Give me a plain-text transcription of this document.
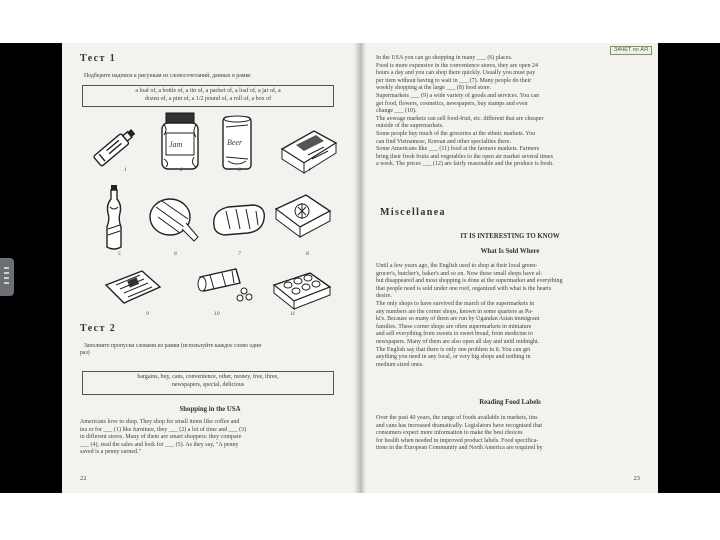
Тест 1
Подберите надписи к рисункам из словосочетаний, данных в рамке
a loaf of, a bottle of, a tin of, a packet of, a loaf of, a jar of, a
dozen of, a pint of, a 1/2 pound of, a roll of, a box of
Jam	Beer
1	2	3	4
5	6	7	8
9	10	11
Тест 2
Заполните пропуски словами из рамки (используйте каждое слово один
раз)
bargains, buy, cans, convenience, other, money, free, three,
newspapers, special, delicious
Shopping in the USA
Americans love to shop. They shop for small items like coffee and
tea or for ___ (1) like furniture, they ___ (2) a lot of time and ___ (3)
in different stores. Many of them are smart shoppers: they compare
___ (4), read the sales and look for ___ (5). As they say, "A penny
saved is a penny earned."
22
ЗАЧЕТ по АЯ
In the USA you can go shopping in many ___ (6) places.
Food is more expensive in the convenience stores, they are open 24
hours a day and you can shop there quickly. Usually you must pay
per item without having to wait in ___ (7). Many people do their
weekly shopping at the large ___ (8) food store.
Supermarkets ___ (9) a wide variety of goods and services. You can
get food, flowers, cosmetics, newspapers, buy stamps and even
change ___ (10).
The average markets can sell food-fruit, etc. different that are cheaper
outside of the supermarkets.
Some people buy much of the groceries at the ethnic markets. You
can find Vietnamese, Korean and other specialties there.
Some Americans like ___ (11) food at the farmers markets. Farmers
bring their fresh fruits and vegetables to the open air market several times
a week. The prices ___ (12) are fairly reasonable and the produce is fresh.
Miscellanea
IT IS INTERESTING TO KNOW
What Is Sold Where
Until a few years ago, the English used to shop at their local green-
grocer's, butcher's, baker's and so on. Now these small shops have al-
but disappeared and most shopping is done at the supermarket and everything
that people need is sold under one roof, organized with what is the hearts
desire.
The only shops to have survived the march of the supermarkets in
any numbers are the corner shops, known in some quarters as Pa-
ki's. Because so many of them are run by Ugandan Asian immigrant
families. These corner shops are often supermarkets in miniature
and sell everything from sweets to sweet bread, from medicine to
newspapers. Many of them are also open all day and until midnight.
The English say that there is only one problem in it. You can get
anything you need in any local, or very big shops and nothing in
medium sized ones.
Reading Food Labels
Over the past 40 years, the range of foods available in markets, tins
and cans has increased dramatically. Legislators have recognised that
consumers expect more information to make the best choices
for health when needed in improved product labels. Food specifica-
tions in the European Community and North America are required by
23
